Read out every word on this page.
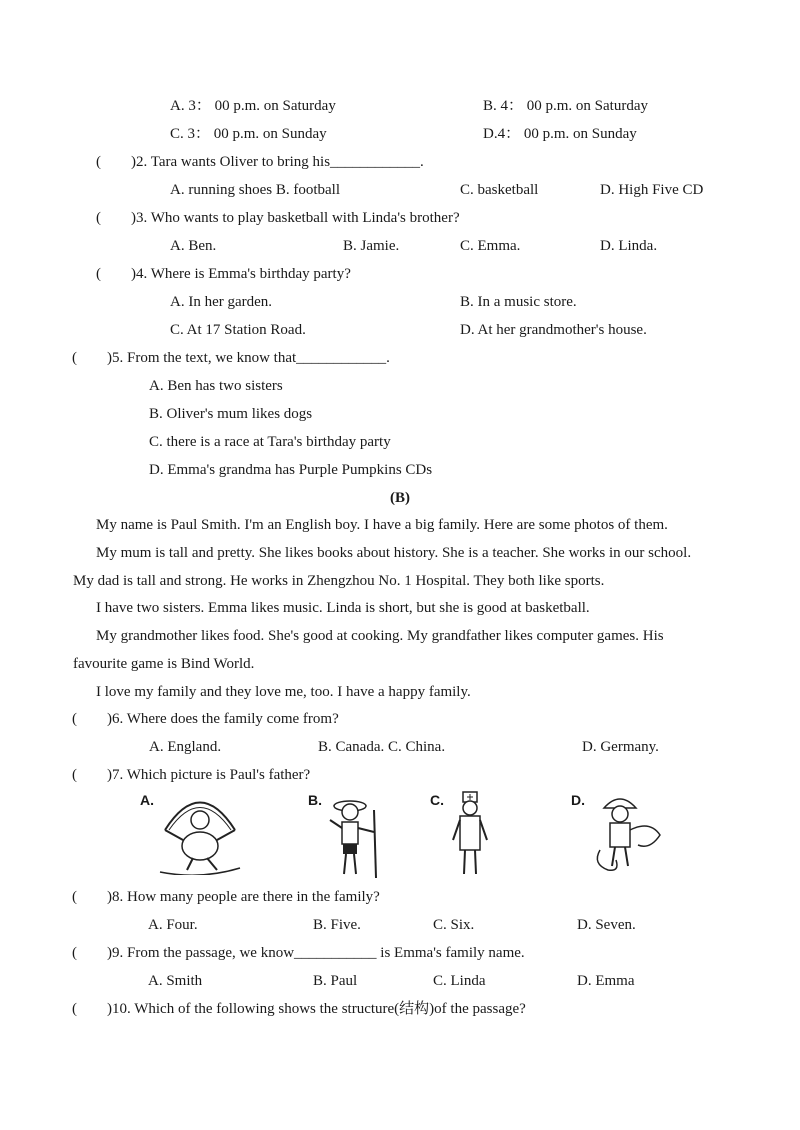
A. 3： 00 p.m. on Saturday	B. 4： 00 p.m. on Saturday
C. 3： 00 p.m. on Sunday	D.4： 00 p.m. on Sunday
(　　)2. Tara wants Oliver to bring his____________.
A. running shoes B. football	C. basketball	D. High Five CD
(　　)3. Who wants to play basketball with Linda's brother?
A. Ben.	B. Jamie.	C. Emma.	D. Linda.
(　　)4. Where is Emma's birthday party?
A. In her garden.	B. In a music store.
C. At 17 Station Road.	D. At her grandmother's house.
(　　)5. From the text, we know that____________.
A. Ben has two sisters
B. Oliver's mum likes dogs
C. there is a race at Tara's birthday party
D. Emma's grandma has Purple Pumpkins CDs
(B)
My name is Paul Smith. I'm an English boy. I have a big family. Here are some photos of them.
My mum is tall and pretty. She likes books about history. She is a teacher. She works in our school.
My dad is tall and strong. He works in Zhengzhou No. 1 Hospital. They both like sports.
I have two sisters. Emma likes music. Linda is short, but she is good at basketball.
My grandmother likes food. She's good at cooking. My grandfather likes computer games. His
favourite game is Bind World.
I love my family and they love me, too. I have a happy family.
(　　)6. Where does the family come from?
A. England.	B. Canada. C. China.	D. Germany.
(　　)7. Which picture is Paul's father?
A.	B.	C.	D.
(　　)8. How many people are there in the family?
A. Four.	B. Five.	C. Six.	D. Seven.
(　　)9. From the passage, we know___________ is Emma's family name.
A. Smith	B. Paul	C. Linda	D. Emma
(　　)10. Which of the following shows the structure(结构)of the passage?
